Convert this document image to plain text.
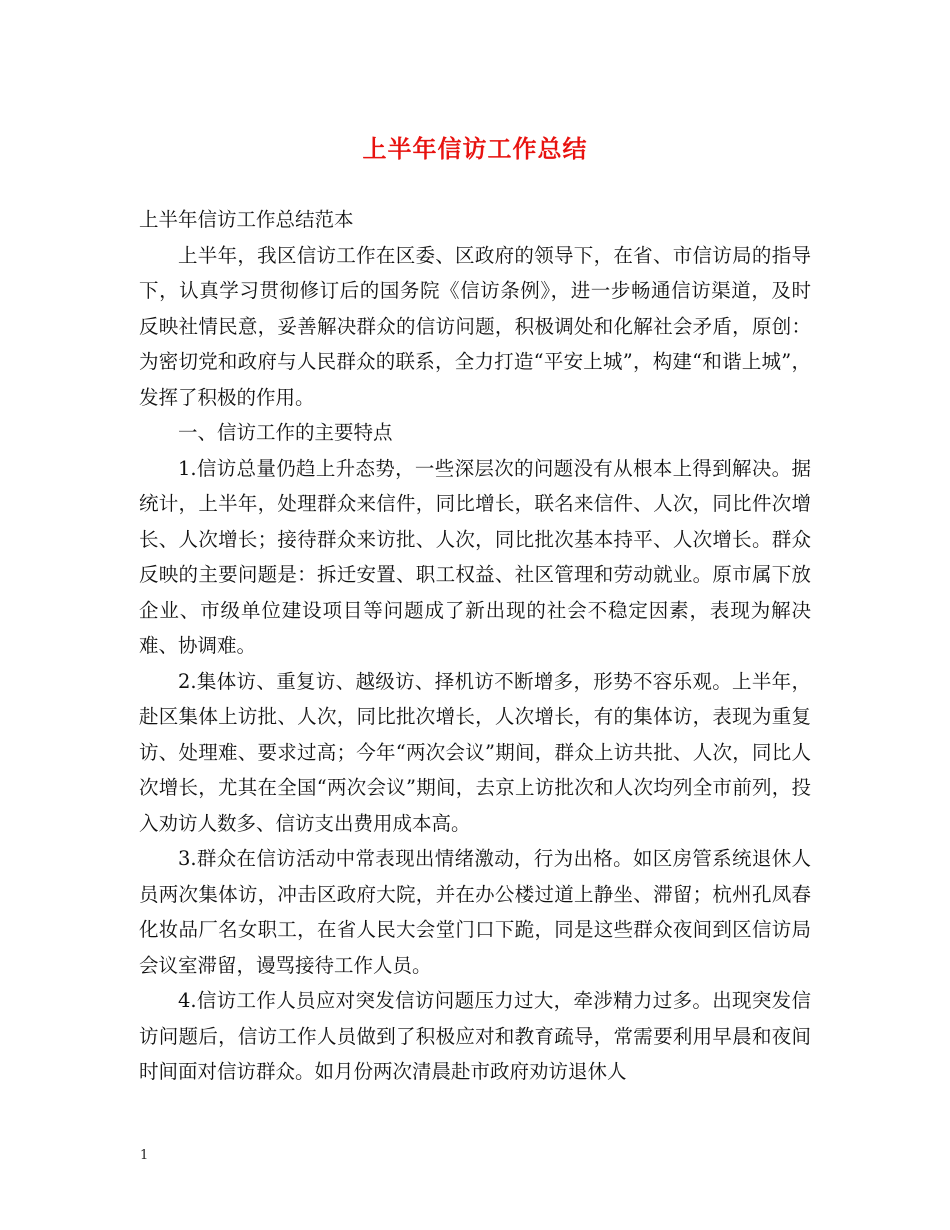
上半年信访工作总结

上半年信访工作总结范本

上半年，我区信访工作在区委、区政府的领导下，在省、市信访局的指导下，认真学习贯彻修订后的国务院《信访条例》，进一步畅通信访渠道，及时反映社情民意，妥善解决群众的信访问题，积极调处和化解社会矛盾，原创：为密切党和政府与人民群众的联系，全力打造“平安上城”，构建“和谐上城”，发挥了积极的作用。

一、信访工作的主要特点

1.信访总量仍趋上升态势，一些深层次的问题没有从根本上得到解决。据统计，上半年，处理群众来信件，同比增长，联名来信件、人次，同比件次增长、人次增长；接待群众来访批、人次，同比批次基本持平、人次增长。群众反映的主要问题是：拆迁安置、职工权益、社区管理和劳动就业。原市属下放企业、市级单位建设项目等问题成了新出现的社会不稳定因素，表现为解决难、协调难。

2.集体访、重复访、越级访、择机访不断增多，形势不容乐观。上半年，赴区集体上访批、人次，同比批次增长，人次增长，有的集体访，表现为重复访、处理难、要求过高；今年“两次会议”期间，群众上访共批、人次，同比人次增长，尤其在全国“两次会议”期间，去京上访批次和人次均列全市前列，投入劝访人数多、信访支出费用成本高。

3.群众在信访活动中常表现出情绪激动，行为出格。如区房管系统退休人员两次集体访，冲击区政府大院，并在办公楼过道上静坐、滞留；杭州孔凤春化妆品厂名女职工，在省人民大会堂门口下跪，同是这些群众夜间到区信访局会议室滞留，谩骂接待工作人员。

4.信访工作人员应对突发信访问题压力过大，牵涉精力过多。出现突发信访问题后，信访工作人员做到了积极应对和教育疏导，常需要利用早晨和夜间时间面对信访群众。如月份两次清晨赴市政府劝访退休人

1
